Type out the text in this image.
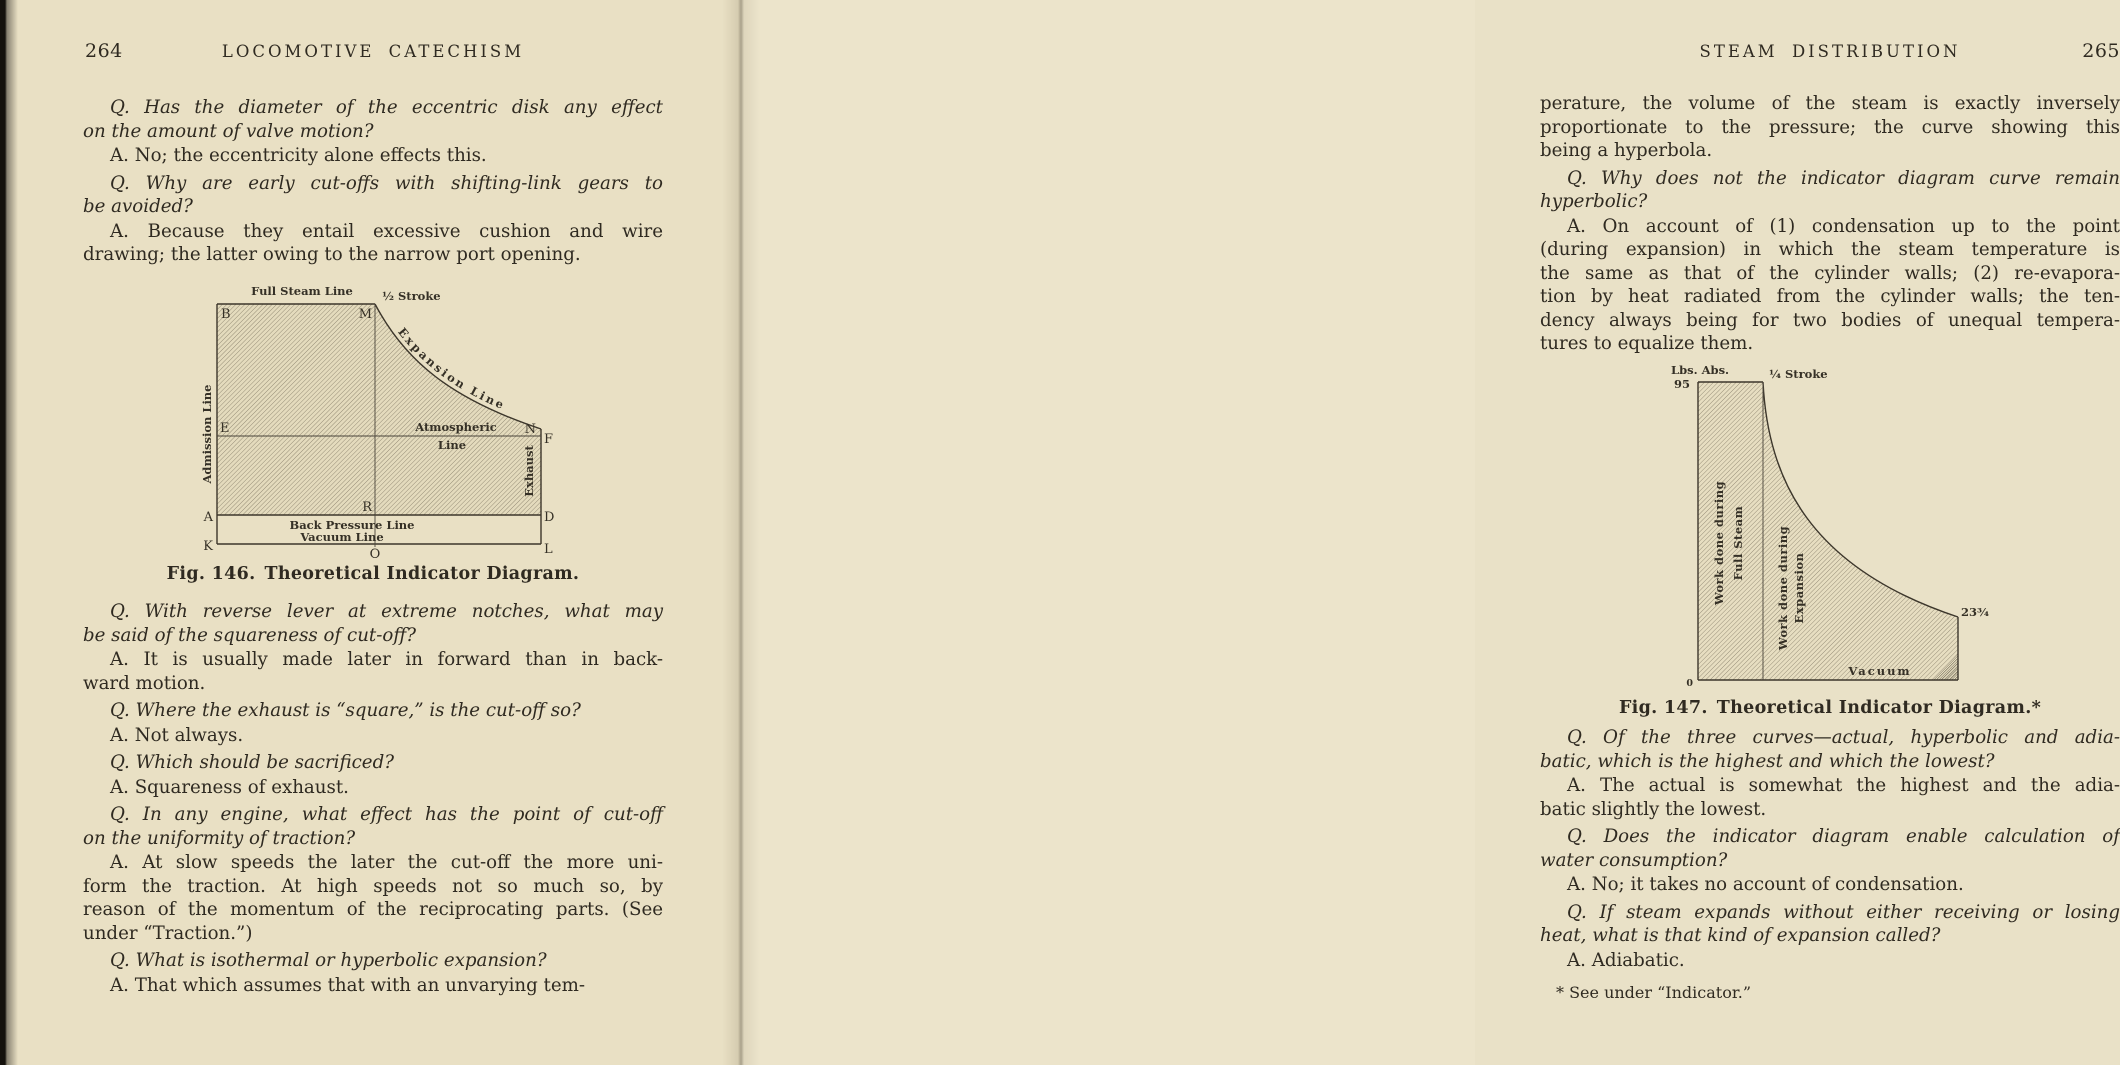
264	LOCOMOTIVE CATECHISM
Q. Has the diameter of the eccentric disk any effect
on the amount of valve motion?
A. No; the eccentricity alone effects this.
Q. Why are early cut-offs with shifting-link gears to
be avoided?
A. Because they entail excessive cushion and wire
drawing; the latter owing to the narrow port opening.
Full Steam Line	½ Stroke
Expansion Line
Admission Line	Atmospheric
Line
Exhaust
Back Pressure Line
Vacuum Line
B	M
E	N
F
A
R
D
K
O	L
Fig. 146. Theoretical Indicator Diagram.
Q. With reverse lever at extreme notches, what may
be said of the squareness of cut-off?
A. It is usually made later in forward than in back-
ward motion.
Q. Where the exhaust is “square,” is the cut-off so?
A. Not always.
Q. Which should be sacrificed?
A. Squareness of exhaust.
Q. In any engine, what effect has the point of cut-off
on the uniformity of traction?
A. At slow speeds the later the cut-off the more uni-
form the traction. At high speeds not so much so, by
reason of the momentum of the reciprocating parts. (See
under “Traction.”)
Q. What is isothermal or hyperbolic expansion?
A. That which assumes that with an unvarying tem-
STEAM DISTRIBUTION	265
perature, the volume of the steam is exactly inversely
proportionate to the pressure; the curve showing this
being a hyperbola.
Q. Why does not the indicator diagram curve remain
hyperbolic?
A. On account of (1) condensation up to the point
(during expansion) in which the steam temperature is
the same as that of the cylinder walls; (2) re-evapora-
tion by heat radiated from the cylinder walls; the ten-
dency always being for two bodies of unequal tempera-
tures to equalize them.
Lbs. Abs.
95
¼ Stroke
Work done during Full Steam	Work done during Expansion
Vacuum
23¾
0
Fig. 147. Theoretical Indicator Diagram.*
Q. Of the three curves—actual, hyperbolic and adia-
batic, which is the highest and which the lowest?
A. The actual is somewhat the highest and the adia-
batic slightly the lowest.
Q. Does the indicator diagram enable calculation of
water consumption?
A. No; it takes no account of condensation.
Q. If steam expands without either receiving or losing
heat, what is that kind of expansion called?
A. Adiabatic.
* See under “Indicator.”
